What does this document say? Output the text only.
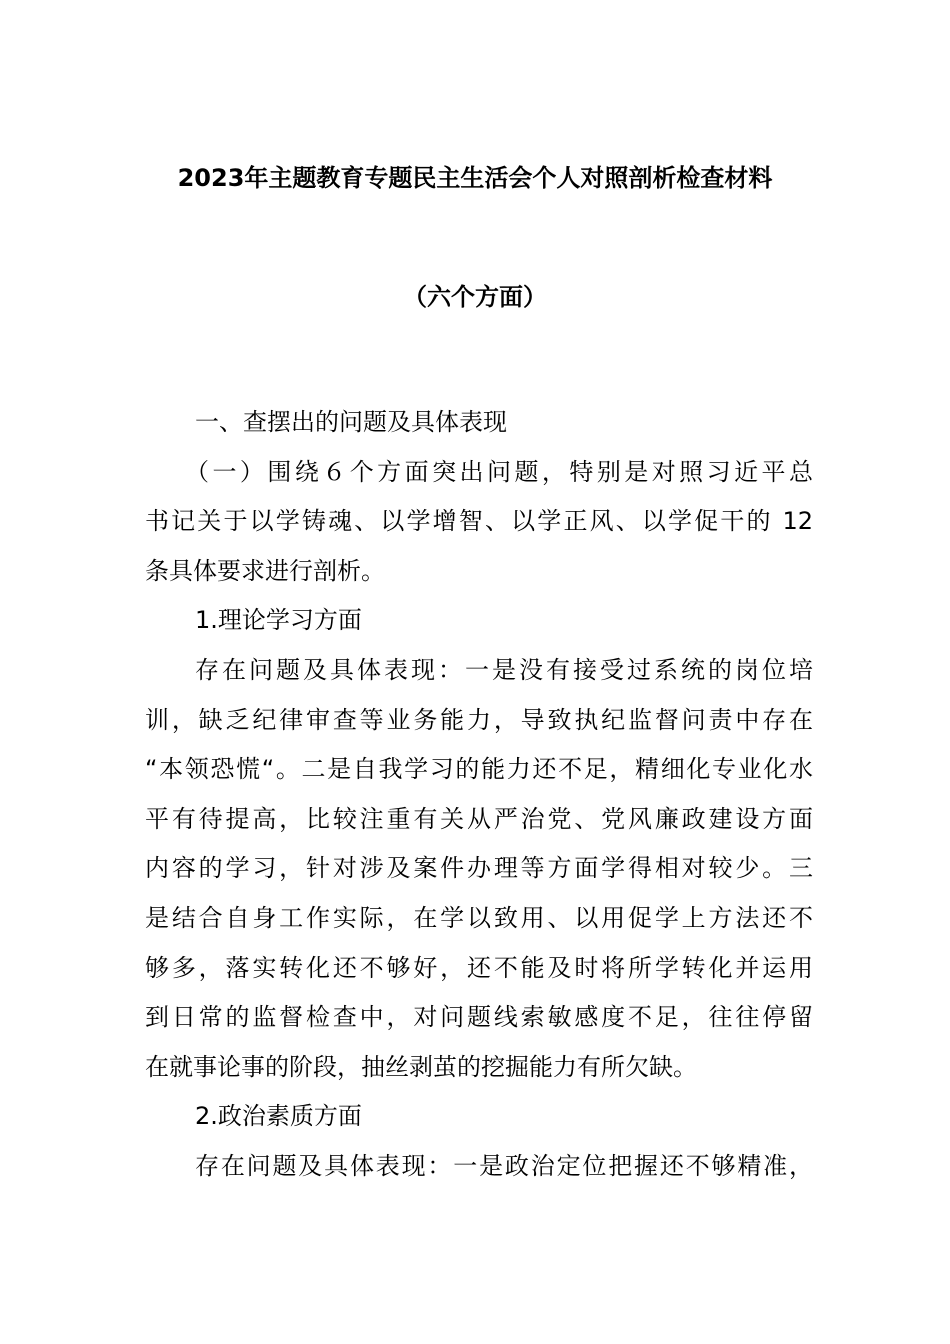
2023年主题教育专题民主生活会个人对照剖析检查材料
（六个方面）
一、查摆出的问题及具体表现
（一）围绕６个方面突出问题，特别是对照习近平总
书记关于以学铸魂、以学增智、以学正风、以学促干的 12
条具体要求进行剖析。
1.理论学习方面
存在问题及具体表现：一是没有接受过系统的岗位培
训，缺乏纪律审查等业务能力，导致执纪监督问责中存在
“本领恐慌“。二是自我学习的能力还不足，精细化专业化水
平有待提高，比较注重有关从严治党、党风廉政建设方面
内容的学习，针对涉及案件办理等方面学得相对较少。三
是结合自身工作实际，在学以致用、以用促学上方法还不
够多，落实转化还不够好，还不能及时将所学转化并运用
到日常的监督检查中，对问题线索敏感度不足，往往停留
在就事论事的阶段，抽丝剥茧的挖掘能力有所欠缺。
2.政治素质方面
存在问题及具体表现：一是政治定位把握还不够精准，
